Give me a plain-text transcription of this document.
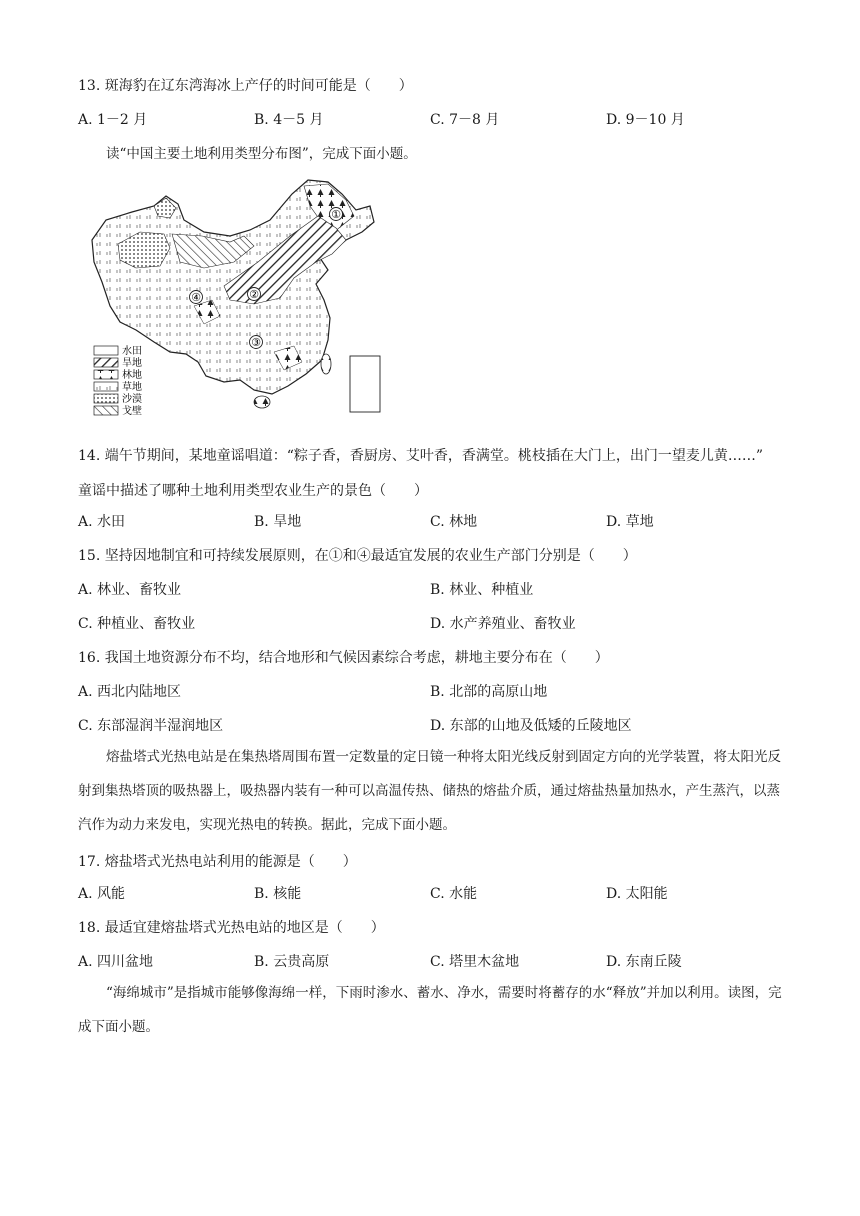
13. 斑海豹在辽东湾海冰上产仔的时间可能是（　　）
A. 1－2 月	B. 4－5 月	C. 7－8 月	D. 9－10 月
读“中国主要土地利用类型分布图”，完成下面小题。
①
②
③
④
水田
旱地
林地
草地
沙漠
戈壁
14. 端午节期间，某地童谣唱道：“粽子香，香厨房、艾叶香，香满堂。桃枝插在大门上，出门一望麦儿黄……”
童谣中描述了哪种土地利用类型农业生产的景色（　　）
A. 水田	B. 旱地	C. 林地	D. 草地
15. 坚持因地制宜和可持续发展原则，在①和④最适宜发展的农业生产部门分别是（　　）
A. 林业、畜牧业	B. 林业、种植业
C. 种植业、畜牧业	D. 水产养殖业、畜牧业
16. 我国土地资源分布不均，结合地形和气候因素综合考虑，耕地主要分布在（　　）
A. 西北内陆地区	B. 北部的高原山地
C. 东部湿润半湿润地区	D. 东部的山地及低矮的丘陵地区
熔盐塔式光热电站是在集热塔周围布置一定数量的定日镜一种将太阳光线反射到固定方向的光学装置，将太阳光反射到集热塔顶的吸热器上，吸热器内装有一种可以高温传热、储热的熔盐介质，通过熔盐热量加热水，产生蒸汽，以蒸汽作为动力来发电，实现光热电的转换。据此，完成下面小题。
17. 熔盐塔式光热电站利用的能源是（　　）
A. 风能	B. 核能	C. 水能	D. 太阳能
18. 最适宜建熔盐塔式光热电站的地区是（　　）
A. 四川盆地	B. 云贵高原	C. 塔里木盆地	D. 东南丘陵
“海绵城市”是指城市能够像海绵一样，下雨时渗水、蓄水、净水，需要时将蓄存的水“释放”并加以利用。读图，完成下面小题。
